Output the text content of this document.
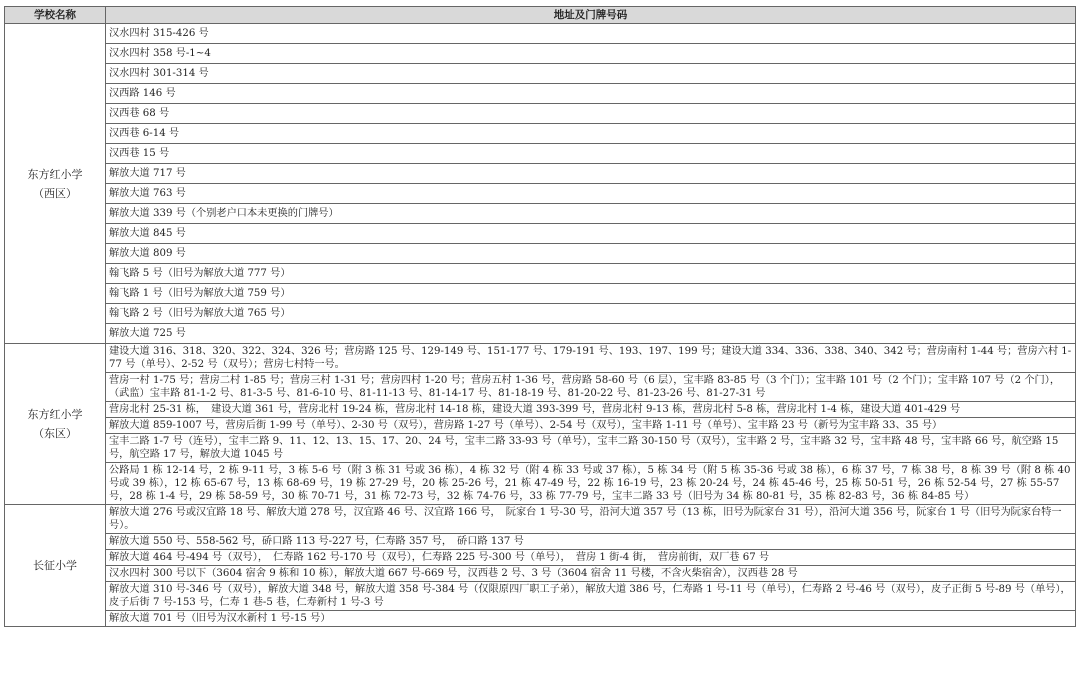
学校名称	地址及门牌号码

东方红小学
（西区）	汉水四村 315-426 号
	汉水四村 358 号-1~4
	汉水四村 301-314 号
	汉西路 146 号
	汉西巷 68 号
	汉西巷 6-14 号
	汉西巷 15 号
	解放大道 717 号
	解放大道 763 号
	解放大道 339 号（个别老户口本未更换的门牌号）
	解放大道 845 号
	解放大道 809 号
	翰飞路 5 号（旧号为解放大道 777 号）
	翰飞路 1 号（旧号为解放大道 759 号）
	翰飞路 2 号（旧号为解放大道 765 号）
	解放大道 725 号

东方红小学
（东区）	建设大道 316、318、320、322、324、326 号；营房路 125 号、129-149 号、151-177 号、179-191 号、193、197、199 号；建设大道 334、336、338、340、342 号；营房南村 1-44 号；营房六村 1-77 号（单号）、2-52 号（双号）；营房七村特一号。
	营房一村 1-75 号；营房二村 1-85 号；营房三村 1-31 号；营房四村 1-20 号；营房五村 1-36 号，营房路 58-60 号（6 层），宝丰路 83-85 号（3 个门）；宝丰路 101 号（2 个门）；宝丰路 107 号（2 个门），（武监）宝丰路 81-1-2 号、81-3-5 号、81-6-10 号、81-11-13 号、81-14-17 号、81-18-19 号、81-20-22 号、81-23-26 号、81-27-31 号
	营房北村 25-31 栋，　建设大道 361 号，营房北村 19-24 栋，营房北村 14-18 栋，建设大道 393-399 号，营房北村 9-13 栋，营房北村 5-8 栋，营房北村 1-4 栋，建设大道 401-429 号
	解放大道 859-1007 号，营房后街 1-99 号（单号）、2-30 号（双号），营房路 1-27 号（单号）、2-54 号（双号），宝丰路 1-11 号（单号）、宝丰路 23 号（新号为宝丰路 33、35 号）
	宝丰二路 1-7 号（连号），宝丰二路 9、11、12、13、15、17、20、24 号，宝丰二路 33-93 号（单号），宝丰二路 30-150 号（双号），宝丰路 2 号，宝丰路 32 号，宝丰路 48 号，宝丰路 66 号，航空路 15 号，航空路 17 号，解放大道 1045 号
	公路局 1 栋 12-14 号，2 栋 9-11 号，3 栋 5-6 号（附 3 栋 31 号或 36 栋），4 栋 32 号（附 4 栋 33 号或 37 栋），5 栋 34 号（附 5 栋 35-36 号或 38 栋），6 栋 37 号，7 栋 38 号，8 栋 39 号（附 8 栋 40 号或 39 栋），12 栋 65-67 号，13 栋 68-69 号，19 栋 27-29 号，20 栋 25-26 号，21 栋 47-49 号，22 栋 16-19 号，23 栋 20-24 号，24 栋 45-46 号，25 栋 50-51 号，26 栋 52-54 号，27 栋 55-57 号，28 栋 1-4 号，29 栋 58-59 号，30 栋 70-71 号，31 栋 72-73 号，32 栋 74-76 号，33 栋 77-79 号，宝丰二路 33 号（旧号为 34 栋 80-81 号，35 栋 82-83 号，36 栋 84-85 号）

长征小学	解放大道 276 号或汉宜路 18 号、解放大道 278 号，汉宜路 46 号、汉宜路 166 号，　阮家台 1 号-30 号，沿河大道 357 号（13 栋，旧号为阮家台 31 号），沿河大道 356 号，阮家台 1 号（旧号为阮家台特一号）。
	解放大道 550 号、558-562 号，硚口路 113 号-227 号，仁寿路 357 号，　硚口路 137 号
	解放大道 464 号-494 号（双号），　仁寿路 162 号-170 号（双号），仁寿路 225 号-300 号（单号），　营房 1 街-4 街，　营房前街，双厂巷 67 号
	汉水四村 300 号以下（3604 宿舍 9 栋和 10 栋），解放大道 667 号-669 号，汉西巷 2 号、3 号（3604 宿舍 11 号楼，不含火柴宿舍），汉西巷 28 号
	解放大道 310 号-346 号（双号），解放大道 348 号，解放大道 358 号-384 号（仅限原四厂职工子弟），解放大道 386 号，仁寿路 1 号-11 号（单号），仁寿路 2 号-46 号（双号），皮子正街 5 号-89 号（单号），皮子后街 7 号-153 号，仁寿 1 巷-5 巷，仁寿新村 1 号-3 号
	解放大道 701 号（旧号为汉水新村 1 号-15 号）
